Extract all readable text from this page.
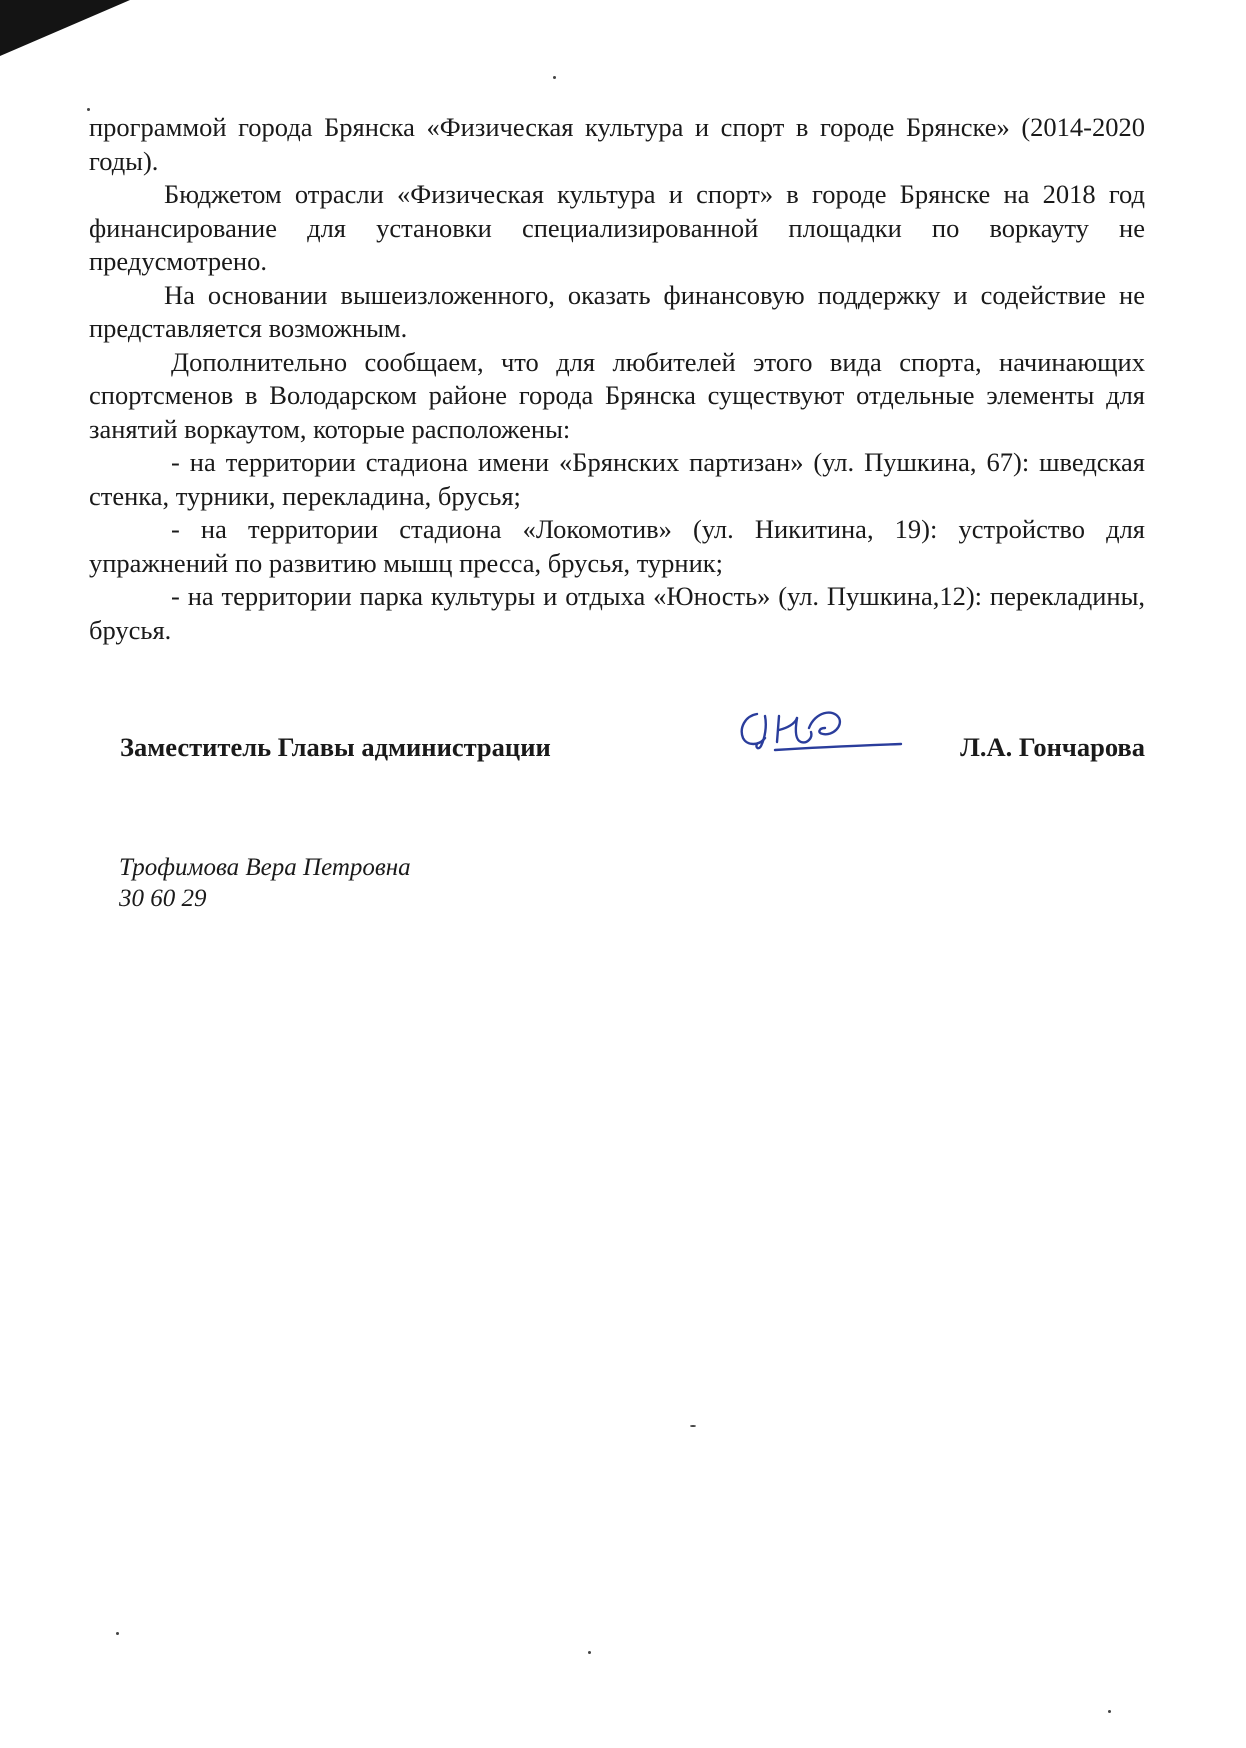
программой города Брянска «Физическая культура и спорт в городе Брянске» (2014-2020 годы).

Бюджетом отрасли «Физическая культура и спорт» в городе Брянске на 2018 год финансирование для установки специализированной площадки по воркауту не предусмотрено.

На основании вышеизложенного, оказать финансовую поддержку и содействие не представляется возможным.

Дополнительно сообщаем, что для любителей этого вида спорта, начинающих спортсменов в Володарском районе города Брянска существуют отдельные элементы для занятий воркаутом, которые расположены:

- на территории стадиона имени «Брянских партизан» (ул. Пушкина, 67): шведская стенка, турники, перекладина, брусья;

- на территории стадиона «Локомотив» (ул. Никитина, 19): устройство для упражнений по развитию мышц пресса, брусья, турник;

- на территории парка культуры и отдыха «Юность» (ул. Пушкина,12): перекладины, брусья.

Заместитель Главы администрации	Л.А. Гончарова
Трофимова Вера Петровна
30 60 29
